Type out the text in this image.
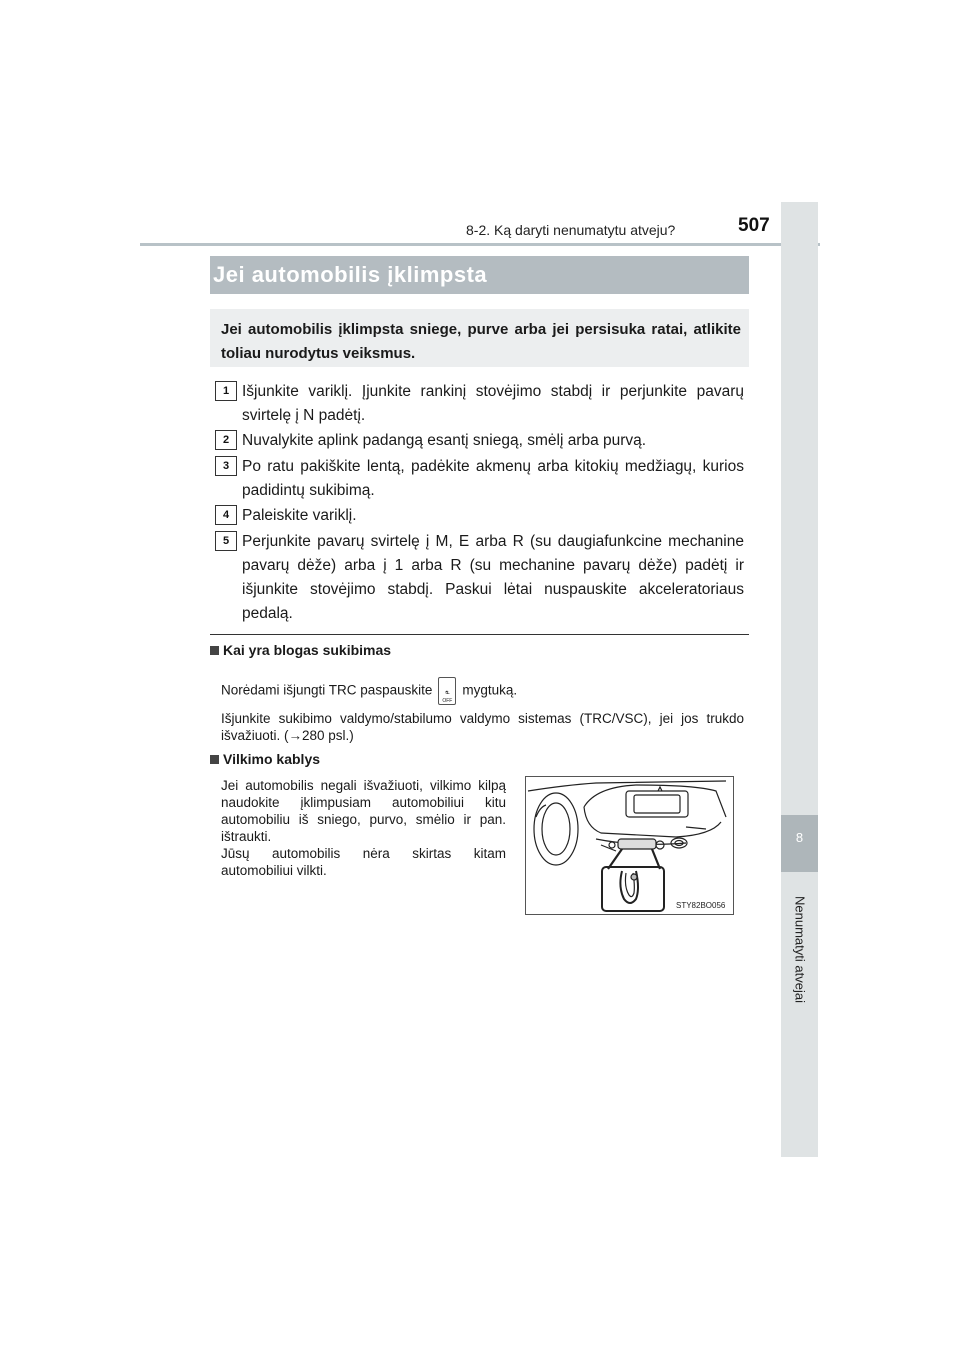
8-2. Ką daryti nenumatytu atveju?	507
8
Nenumatyti atvejai
Jei automobilis įklimpsta
Jei automobilis įklimpsta sniege, purve arba jei persisuka ratai, atlikite toliau nurodytus veiksmus.
1 Išjunkite variklį. Įjunkite rankinį stovėjimo stabdį ir perjunkite pavarų svirtelę į N padėtį.
2 Nuvalykite aplink padangą esantį sniegą, smėlį arba purvą.
3 Po ratu pakiškite lentą, padėkite akmenų arba kitokių medžiagų, kurios padidintų sukibimą.
4 Paleiskite variklį.
5 Perjunkite pavarų svirtelę į M, E arba R (su daugiafunkcine mechanine pavarų dėže) arba į 1 arba R (su mechanine pavarų dėže) padėtį ir išjunkite stovėjimo stabdį. Paskui lėtai nuspauskite akceleratoriaus pedalą.
Kai yra blogas sukibimas
Norėdami išjungti TRC paspauskite	⛐
OFF
mygtuką.
Išjunkite sukibimo valdymo/stabilumo valdymo sistemas (TRC/VSC), jei jos trukdo išvažiuoti. (→280 psl.)
Vilkimo kablys

Jei automobilis negali išvažiuoti, vilkimo kilpą naudokite įklimpusiam automobiliui kitu automobiliu iš sniego, purvo, smėlio ir pan. ištraukti.

Jūsų automobilis nėra skirtas kitam automobiliui vilkti.

STY82BO056
